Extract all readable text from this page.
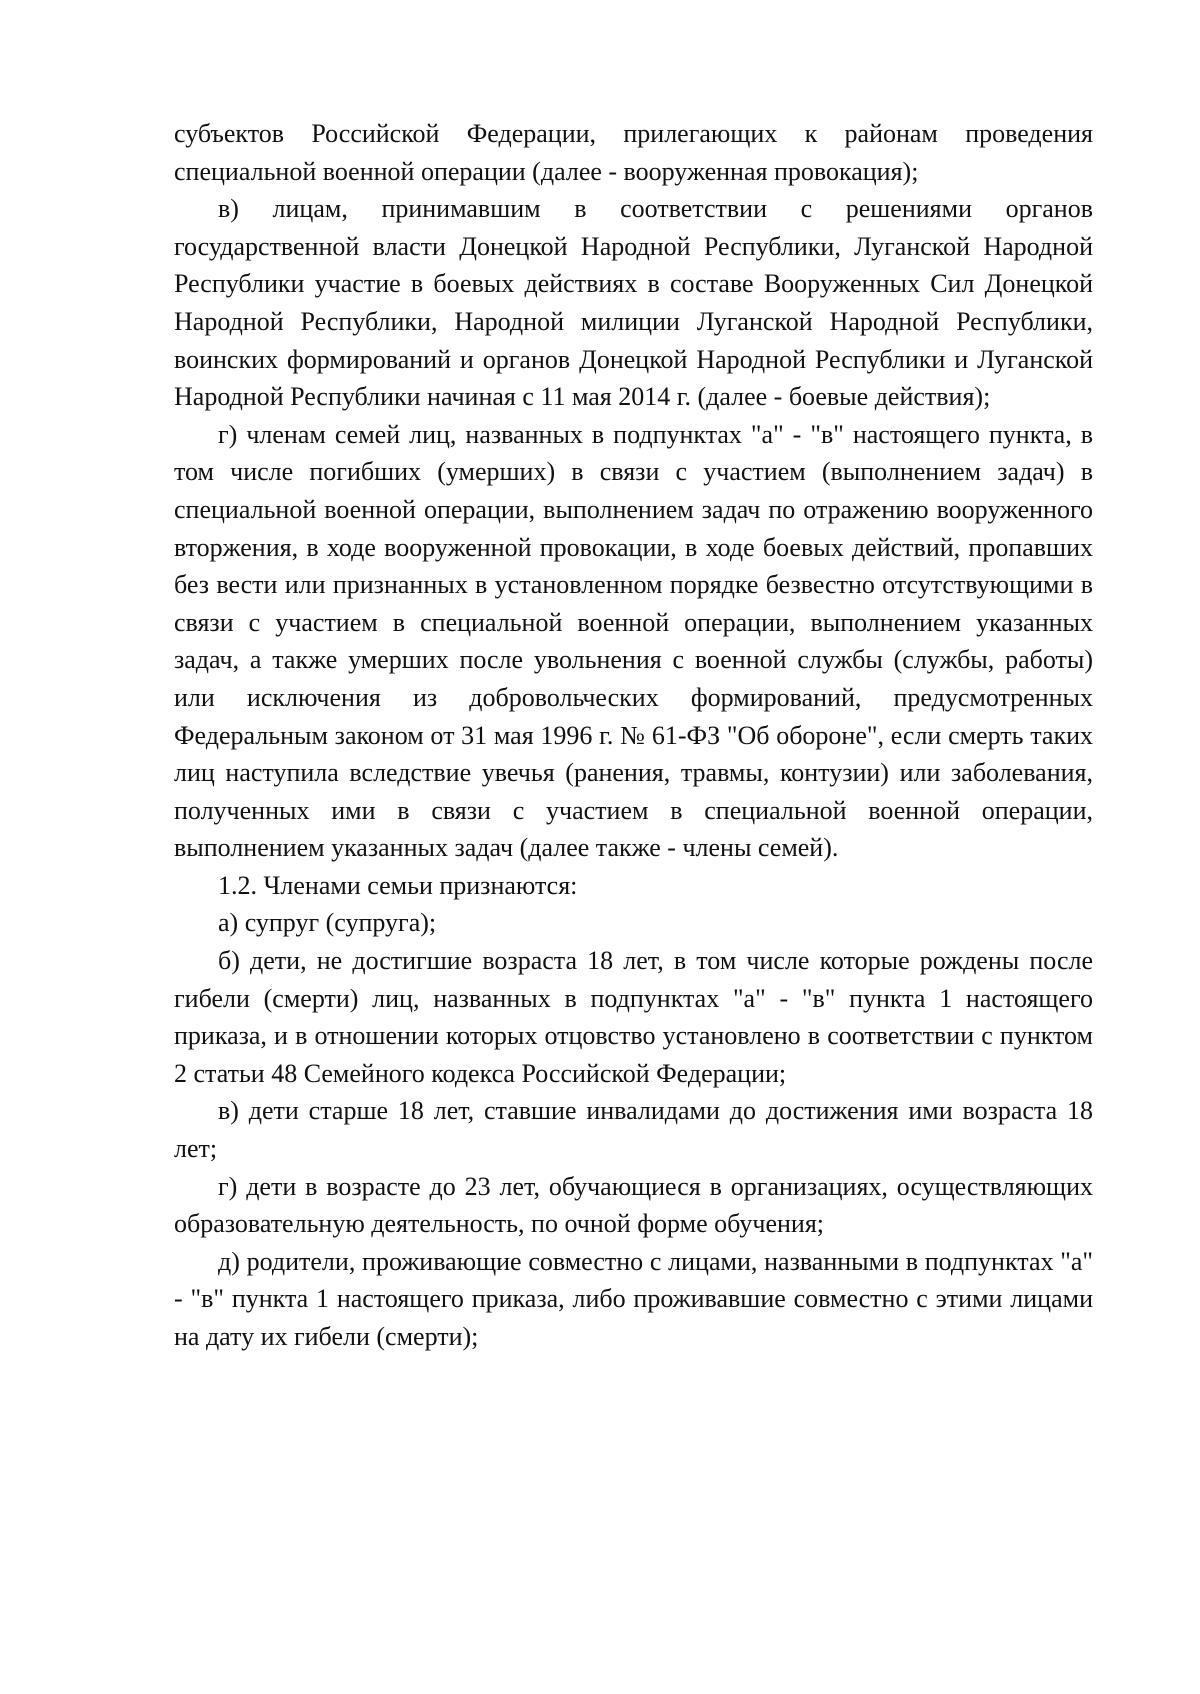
субъектов Российской Федерации, прилегающих к районам проведения специальной военной операции (далее - вооруженная провокация);

в) лицам, принимавшим в соответствии с решениями органов государственной власти Донецкой Народной Республики, Луганской Народной Республики участие в боевых действиях в составе Вооруженных Сил Донецкой Народной Республики, Народной милиции Луганской Народной Республики, воинских формирований и органов Донецкой Народной Республики и Луганской Народной Республики начиная с 11 мая 2014 г. (далее - боевые действия);

г) членам семей лиц, названных в подпунктах "а" - "в" настоящего пункта, в том числе погибших (умерших) в связи с участием (выполнением задач) в специальной военной операции, выполнением задач по отражению вооруженного вторжения, в ходе вооруженной провокации, в ходе боевых действий, пропавших без вести или признанных в установленном порядке безвестно отсутствующими в связи с участием в специальной военной операции, выполнением указанных задач, а также умерших после увольнения с военной службы (службы, работы) или исключения из добровольческих формирований, предусмотренных Федеральным законом от 31 мая 1996 г. № 61-ФЗ "Об обороне", если смерть таких лиц наступила вследствие увечья (ранения, травмы, контузии) или заболевания, полученных ими в связи с участием в специальной военной операции, выполнением указанных задач (далее также - члены семей).

1.2. Членами семьи признаются:

а) супруг (супруга);

б) дети, не достигшие возраста 18 лет, в том числе которые рождены после гибели (смерти) лиц, названных в подпунктах "а" - "в" пункта 1 настоящего приказа, и в отношении которых отцовство установлено в соответствии с пунктом 2 статьи 48 Семейного кодекса Российской Федерации;

в) дети старше 18 лет, ставшие инвалидами до достижения ими возраста 18 лет;

г) дети в возрасте до 23 лет, обучающиеся в организациях, осуществляющих образовательную деятельность, по очной форме обучения;

д) родители, проживающие совместно с лицами, названными в подпунктах "а" - "в" пункта 1 настоящего приказа, либо проживавшие совместно с этими лицами на дату их гибели (смерти);
